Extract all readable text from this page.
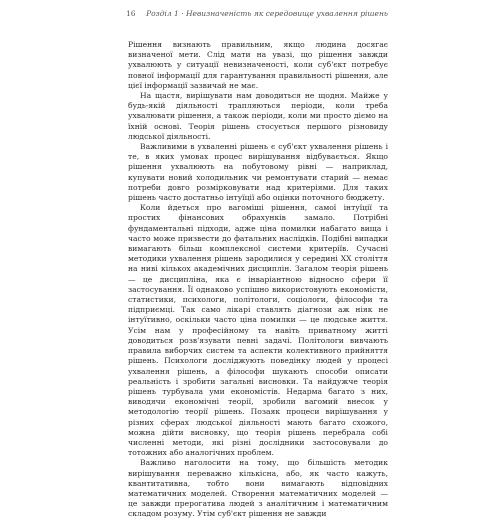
16 Розділ 1 · Невизначеність як середовище ухвалення рішень

Рішення визнають правильним, якщо людина досягає визначеної мети. Слід мати на увазі, що рішення завжди ухвалюють у ситуації невизначеності, коли суб'єкт потребує повної інформації для гарантування правильності рішення, але цієї інформації зазвичай не має.

На щастя, вирішувати нам доводиться не щодня. Майже у будь-якій діяльності трапляються періоди, коли треба ухвалювати рішення, а також періоди, коли ми просто діємо на їхній основі. Теорія рішень стосується першого різновиду людської діяльності.

Важливими в ухваленні рішень є суб'єкт ухвалення рішень і те, в яких умовах процес вирішування відбувається. Якщо рішення ухвалюють на побутовому рівні — наприклад, купувати новий холодильник чи ремонтувати старий — немає потреби довго розмірковувати над критеріями. Для таких рішень часто достатньо інтуїції або оцінки поточного бюджету.

Коли йдеться про вагоміші рішення, самої інтуїції та простих фінансових обрахунків замало. Потрібні фундаментальні підходи, адже ціна помилки набагато вища і часто може призвести до фатальних наслідків. Подібні випадки вимагають більш комплексної системи критеріїв. Сучасні методики ухвалення рішень зародилися у середині XX століття на ниві кількох академічних дисциплін. Загалом теорія рішень — це дисципліна, яка є інваріантною відносно сфери її застосування. Її однаково успішно використовують економісти, статистики, психологи, політологи, соціологи, філософи та підприємці. Так само лікарі ставлять діагнози аж ніяк не інтуїтивно, оскільки часто ціна помилки — це людське життя. Усім нам у професійному та навіть приватному житті доводиться розв'язувати певні задачі. Політологи вивчають правила виборчих систем та аспекти колективного прийняття рішень. Психологи досліджують поведінку людей у процесі ухвалення рішень, а філософи шукають способи описати реальність і зробити загальні висновки. Та найдужче теорія рішень турбувала уми економістів. Недарма багато з них, виводячи економічні теорії, зробили вагомий внесок у методологію теорії рішень. Позаяк процеси вирішування у різних сферах людської діяльності мають багато схожого, можна дійти висновку, що теорія рішень перебрала собі численні методи, які різні дослідники застосовували до тотожних або аналогічних проблем.

Важливо наголосити на тому, що більшість методик вирішування переважно кількісна, або, як часто кажуть, квантитативна, тобто вони вимагають відповідних математичних моделей. Створення математичних моделей — це завжди прерогатива людей з аналітичним і математичним складом розуму. Утім суб'єкт рішення не завжди
